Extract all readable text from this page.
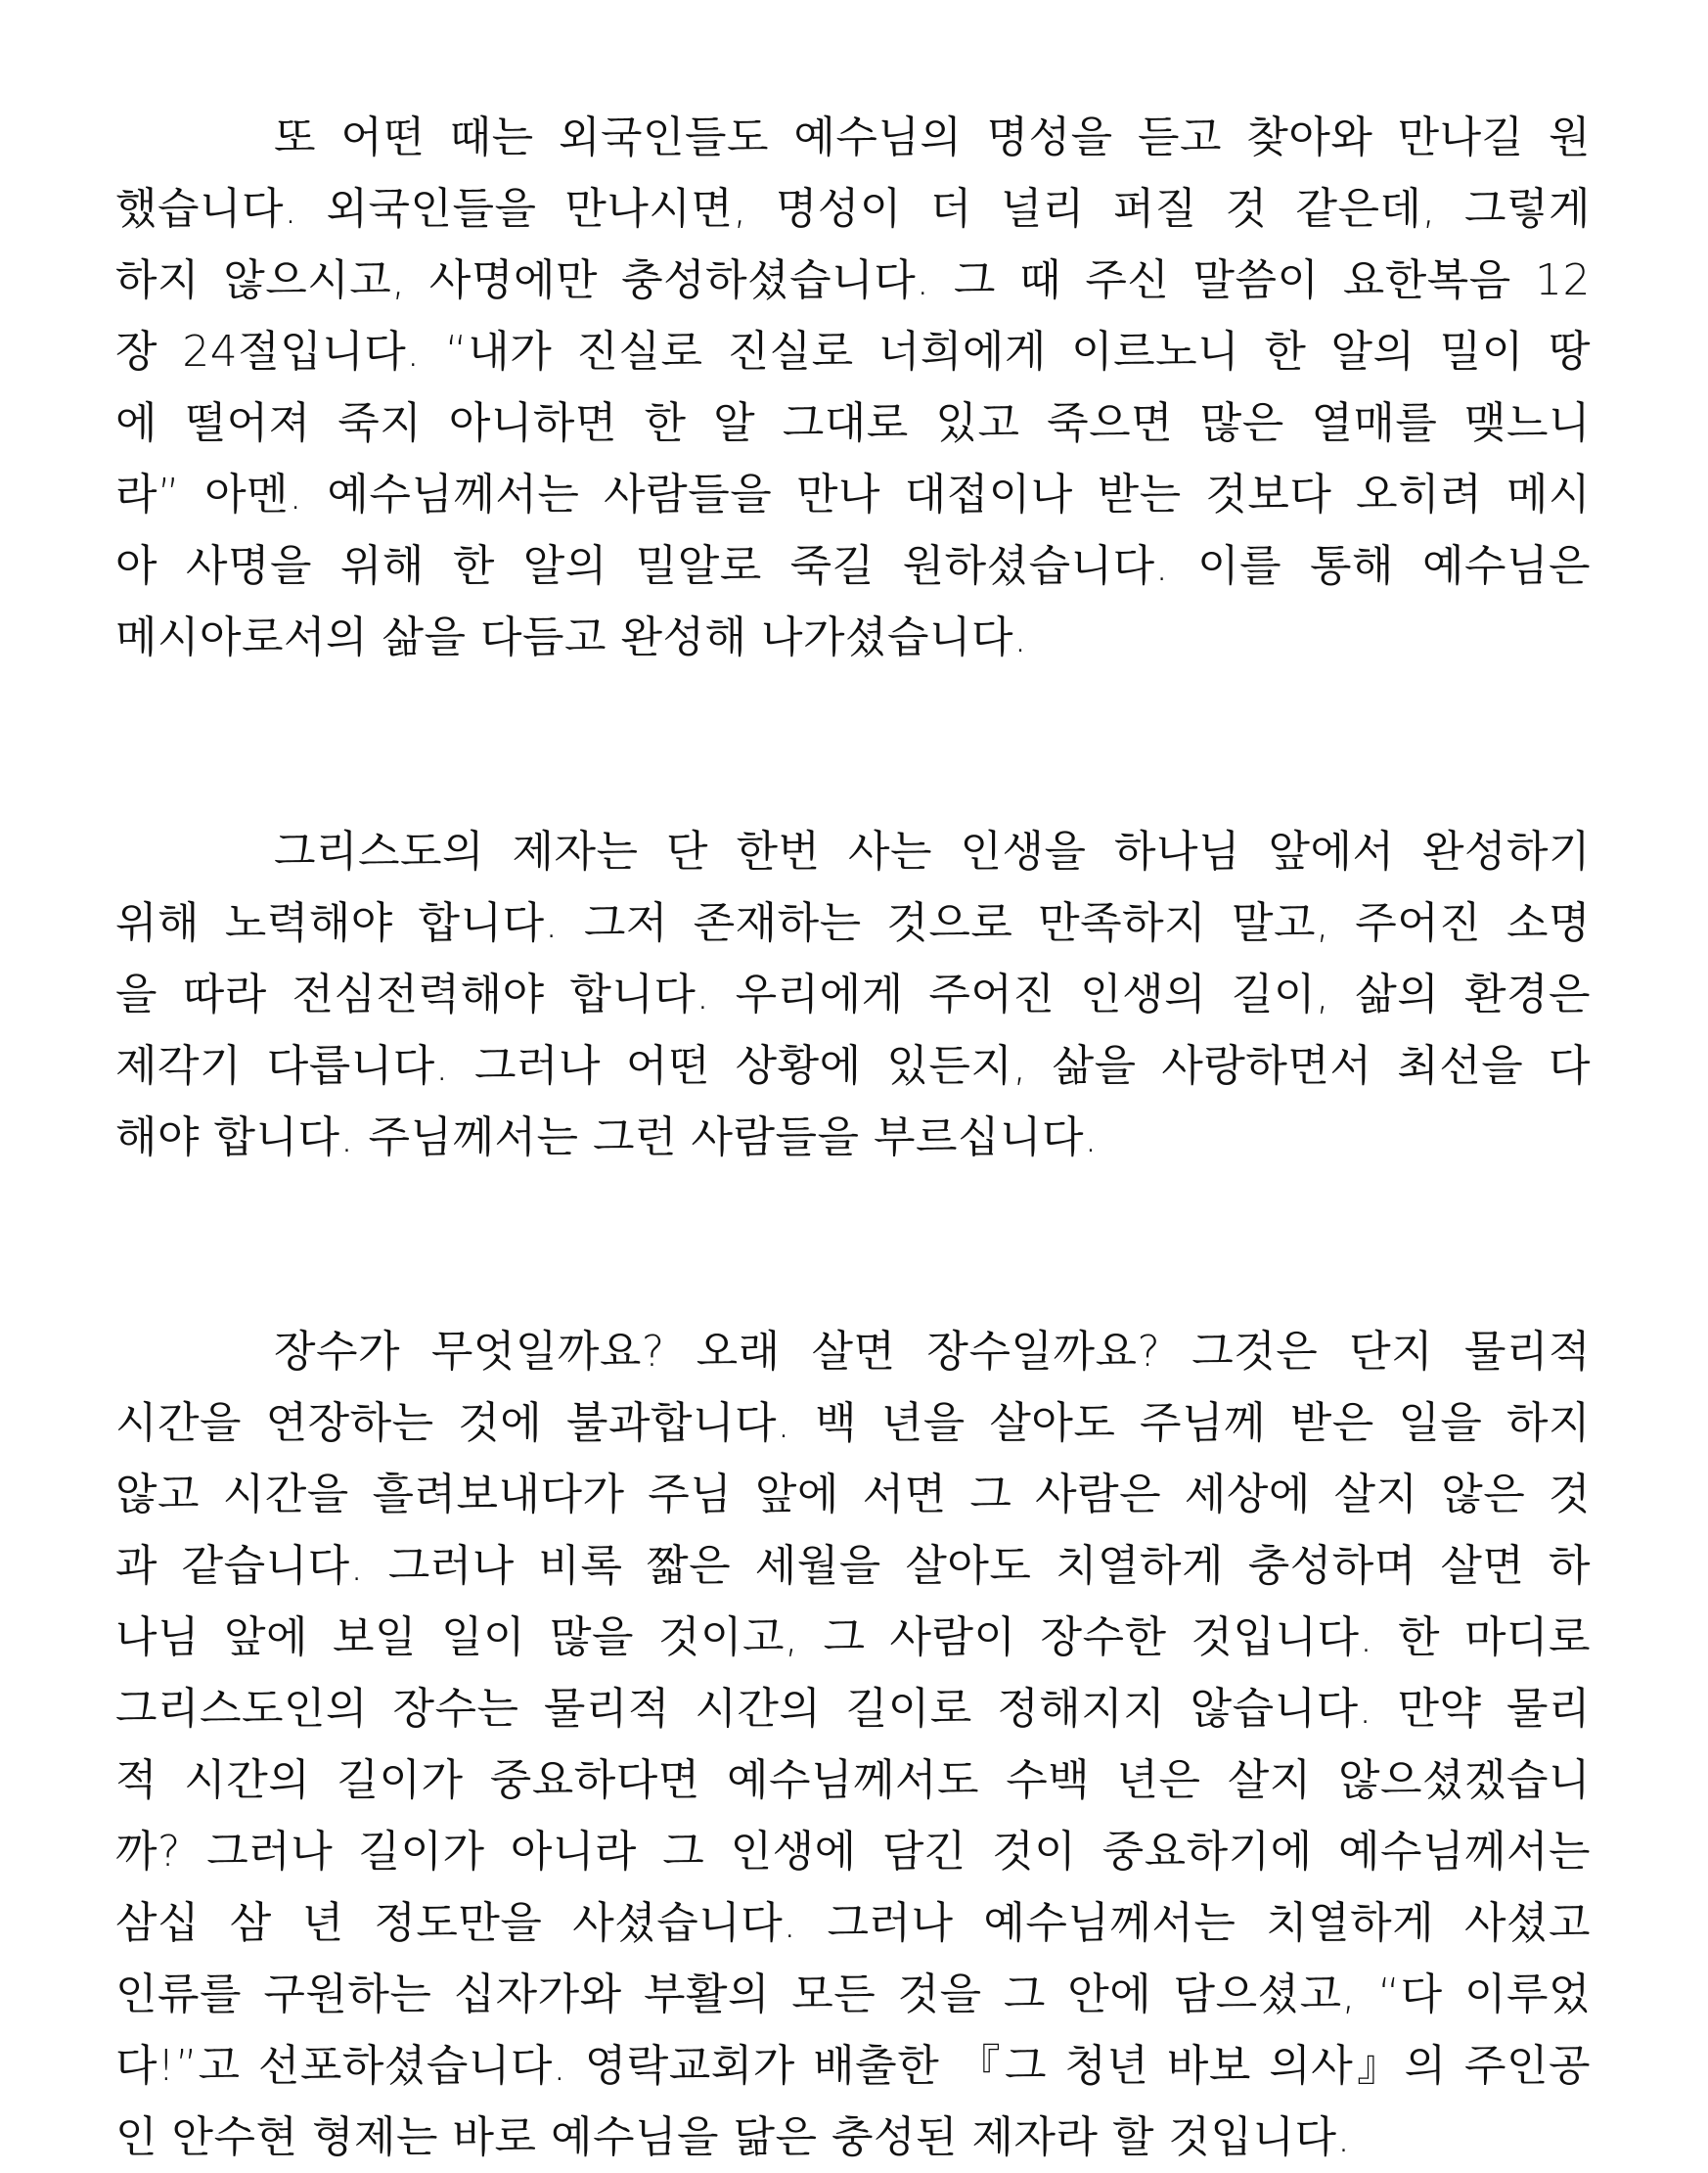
또 어떤 때는 외국인들도 예수님의 명성을 듣고 찾아와 만나길 원
했습니다. 외국인들을 만나시면, 명성이 더 널리 퍼질 것 같은데, 그렇게
하지 않으시고, 사명에만 충성하셨습니다. 그 때 주신 말씀이 요한복음 12
장 24절입니다. “내가 진실로 진실로 너희에게 이르노니 한 알의 밀이 땅
에 떨어져 죽지 아니하면 한 알 그대로 있고 죽으면 많은 열매를 맺느니
라” 아멘. 예수님께서는 사람들을 만나 대접이나 받는 것보다 오히려 메시
아 사명을 위해 한 알의 밀알로 죽길 원하셨습니다. 이를 통해 예수님은
메시아로서의 삶을 다듬고 완성해 나가셨습니다.
그리스도의 제자는 단 한번 사는 인생을 하나님 앞에서 완성하기
위해 노력해야 합니다. 그저 존재하는 것으로 만족하지 말고, 주어진 소명
을 따라 전심전력해야 합니다. 우리에게 주어진 인생의 길이, 삶의 환경은
제각기 다릅니다. 그러나 어떤 상황에 있든지, 삶을 사랑하면서 최선을 다
해야 합니다. 주님께서는 그런 사람들을 부르십니다.
장수가 무엇일까요? 오래 살면 장수일까요? 그것은 단지 물리적
시간을 연장하는 것에 불과합니다. 백 년을 살아도 주님께 받은 일을 하지
않고 시간을 흘려보내다가 주님 앞에 서면 그 사람은 세상에 살지 않은 것
과 같습니다. 그러나 비록 짧은 세월을 살아도 치열하게 충성하며 살면 하
나님 앞에 보일 일이 많을 것이고, 그 사람이 장수한 것입니다. 한 마디로
그리스도인의 장수는 물리적 시간의 길이로 정해지지 않습니다. 만약 물리
적 시간의 길이가 중요하다면 예수님께서도 수백 년은 살지 않으셨겠습니
까? 그러나 길이가 아니라 그 인생에 담긴 것이 중요하기에 예수님께서는
삼십 삼 년 정도만을 사셨습니다. 그러나 예수님께서는 치열하게 사셨고
인류를 구원하는 십자가와 부활의 모든 것을 그 안에 담으셨고, “다 이루었
다!”고 선포하셨습니다. 영락교회가 배출한 『그 청년 바보 의사』의 주인공
인 안수현 형제는 바로 예수님을 닮은 충성된 제자라 할 것입니다.
